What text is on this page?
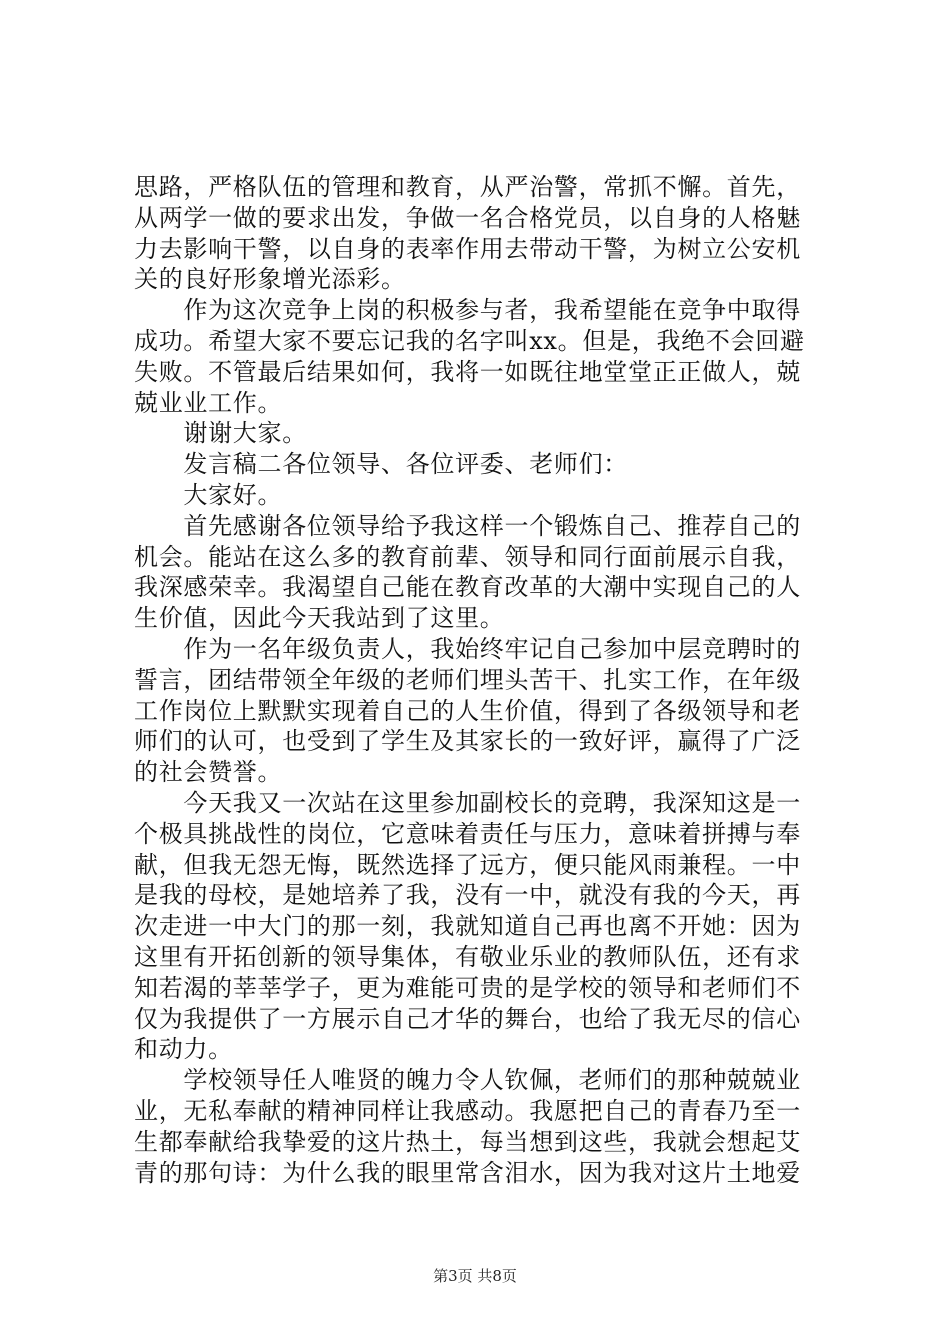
思路，严格队伍的管理和教育，从严治警，常抓不懈。首先，
从两学一做的要求出发，争做一名合格党员，以自身的人格魅
力去影响干警，以自身的表率作用去带动干警，为树立公安机
关的良好形象增光添彩。
　　作为这次竞争上岗的积极参与者，我希望能在竞争中取得
成功。希望大家不要忘记我的名字叫xx。但是，我绝不会回避
失败。不管最后结果如何，我将一如既往地堂堂正正做人，兢
兢业业工作。
　　谢谢大家。
　　发言稿二各位领导、各位评委、老师们：
　　大家好。
　　首先感谢各位领导给予我这样一个锻炼自己、推荐自己的
机会。能站在这么多的教育前辈、领导和同行面前展示自我，
我深感荣幸。我渴望自己能在教育改革的大潮中实现自己的人
生价值，因此今天我站到了这里。
　　作为一名年级负责人，我始终牢记自己参加中层竞聘时的
誓言，团结带领全年级的老师们埋头苦干、扎实工作，在年级
工作岗位上默默实现着自己的人生价值，得到了各级领导和老
师们的认可，也受到了学生及其家长的一致好评，赢得了广泛
的社会赞誉。
　　今天我又一次站在这里参加副校长的竞聘，我深知这是一
个极具挑战性的岗位，它意味着责任与压力，意味着拼搏与奉
献，但我无怨无悔，既然选择了远方，便只能风雨兼程。一中
是我的母校，是她培养了我，没有一中，就没有我的今天，再
次走进一中大门的那一刻，我就知道自己再也离不开她：因为
这里有开拓创新的领导集体，有敬业乐业的教师队伍，还有求
知若渴的莘莘学子，更为难能可贵的是学校的领导和老师们不
仅为我提供了一方展示自己才华的舞台，也给了我无尽的信心
和动力。
　　学校领导任人唯贤的魄力令人钦佩，老师们的那种兢兢业
业，无私奉献的精神同样让我感动。我愿把自己的青春乃至一
生都奉献给我挚爱的这片热土，每当想到这些，我就会想起艾
青的那句诗：为什么我的眼里常含泪水，因为我对这片土地爱
第3页 共8页
